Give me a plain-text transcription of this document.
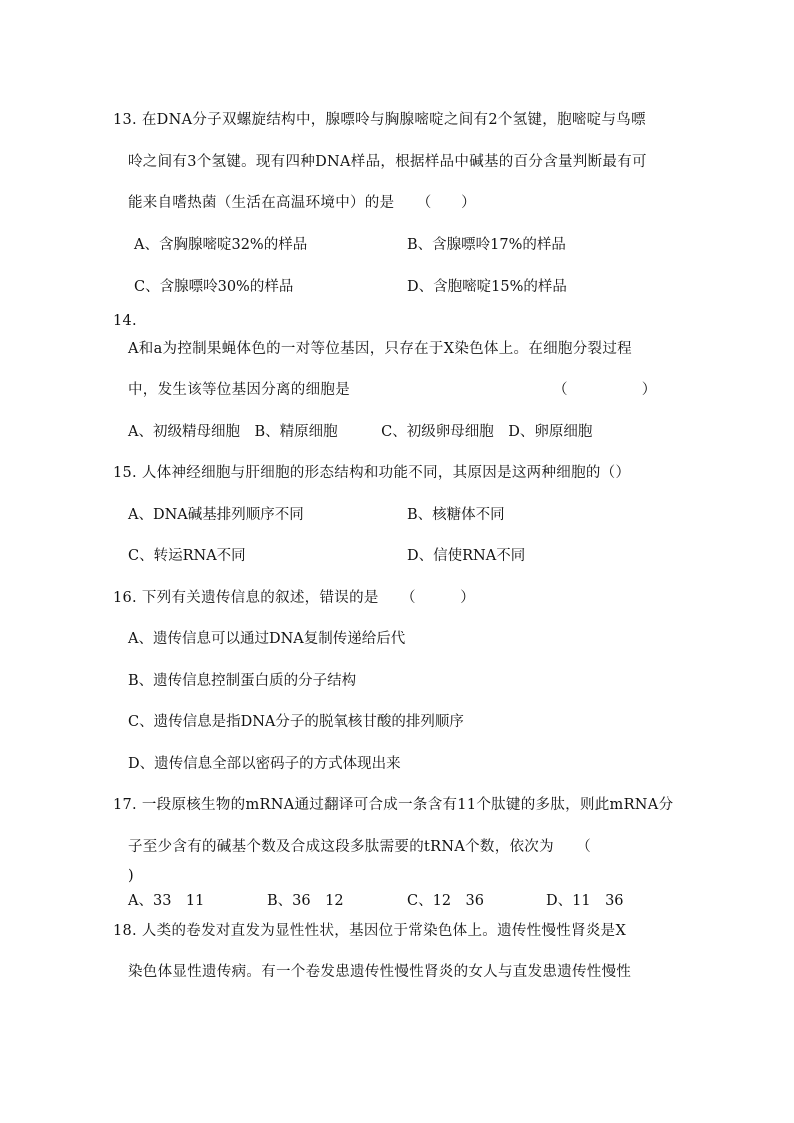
13. 在DNA分子双螺旋结构中，腺嘌呤与胸腺嘧啶之间有2个氢键，胞嘧啶与鸟嘌
呤之间有3个氢键。现有四种DNA样品，根据样品中碱基的百分含量判断最有可
能来自嗜热菌（生活在高温环境中）的是　　（　　）
A、含胸腺嘧啶32%的样品	B、含腺嘌呤17%的样品
C、含腺嘌呤30%的样品	D、含胞嘧啶15%的样品
14.
A和a为控制果蝇体色的一对等位基因，只存在于X染色体上。在细胞分裂过程
中，发生该等位基因分离的细胞是	（　　　　　）
A、初级精母细胞　B、精原细胞　　　C、初级卵母细胞　D、卵原细胞
15. 人体神经细胞与肝细胞的形态结构和功能不同，其原因是这两种细胞的（）
A、DNA碱基排列顺序不同	B、核糖体不同
C、转运RNA不同	D、信使RNA不同
16. 下列有关遗传信息的叙述，错误的是　　（　　　）
A、遗传信息可以通过DNA复制传递给后代
B、遗传信息控制蛋白质的分子结构
C、遗传信息是指DNA分子的脱氧核甘酸的排列顺序
D、遗传信息全部以密码子的方式体现出来
17. 一段原核生物的mRNA通过翻译可合成一条含有11个肽键的多肽，则此mRNA分
子至少含有的碱基个数及合成这段多肽需要的tRNA个数，依次为　　（
)
A、33　11	B、36　12	C、12　36	D、11　36
18. 人类的卷发对直发为显性性状，基因位于常染色体上。遗传性慢性肾炎是X
染色体显性遗传病。有一个卷发患遗传性慢性肾炎的女人与直发患遗传性慢性
